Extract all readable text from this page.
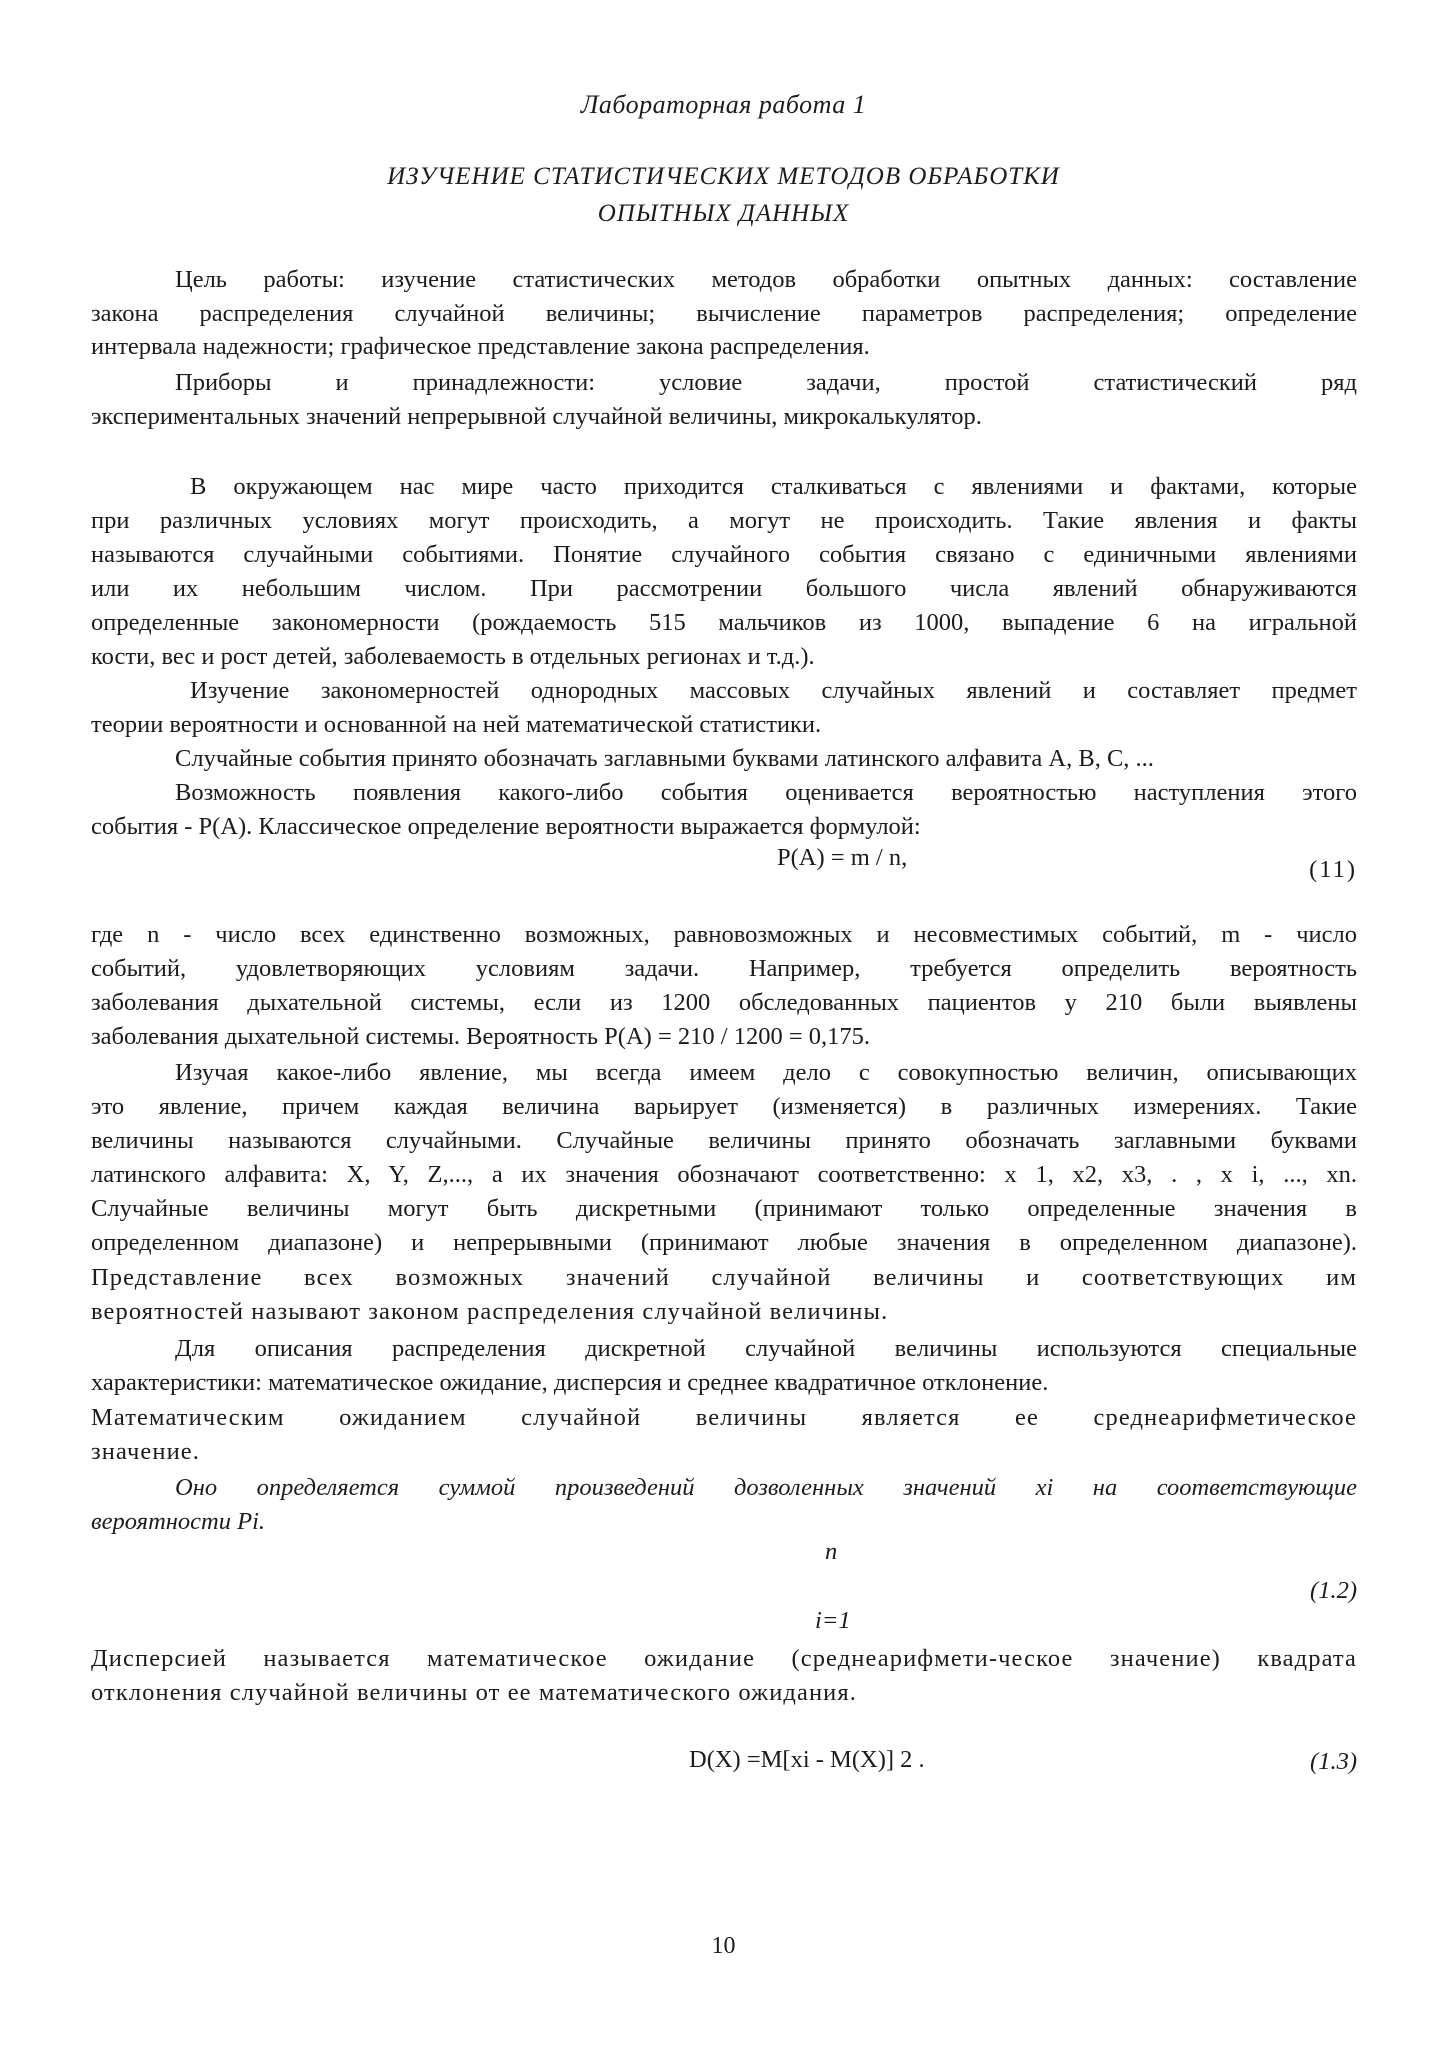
Лабораторная работа 1
ИЗУЧЕНИЕ СТАТИСТИЧЕСКИХ МЕТОДОВ ОБРАБОТКИ
ОПЫТНЫХ ДАННЫХ
Цель работы: изучение статистических методов обработки опытных данных: составление
закона распределения случайной величины; вычисление параметров распределения; определение
интервала надежности; графическое представление закона распределения.
Приборы и принадлежности: условие задачи, простой статистический ряд
экспериментальных значений непрерывной случайной величины, микрокалькулятор.
В окружающем нас мире часто приходится сталкиваться с явлениями и фактами, которые
при различных условиях могут происходить, а могут не происходить. Такие явления и факты
называются случайными событиями. Понятие случайного события связано с единичными явлениями
или их небольшим числом. При рассмотрении большого числа явлений обнаруживаются
определенные закономерности (рождаемость 515 мальчиков из 1000, выпадение 6 на игральной
кости, вес и рост детей, заболеваемость в отдельных регионах и т.д.).
Изучение закономерностей однородных массовых случайных явлений и составляет предмет
теории вероятности и основанной на ней математической статистики.
Случайные события принято обозначать заглавными буквами латинского алфавита А, В, С, ...
Возможность появления какого-либо события оценивается вероятностью наступления этого
события - Р(А). Классическое определение вероятности выражается формулой:
Р(А) = m / n,	(11)
где n - число всех единственно возможных, равновозможных и несовместимых событий, m - число
событий, удовлетворяющих условиям задачи. Например, требуется определить вероятность
заболевания дыхательной системы, если из 1200 обследованных пациентов у 210 были выявлены
заболевания дыхательной системы. Вероятность Р(А) = 210 / 1200 = 0,175.
Изучая какое-либо явление, мы всегда имеем дело с совокупностью величин, описывающих
это явление, причем каждая величина варьирует (изменяется) в различных измерениях. Такие
величины называются случайными. Случайные величины принято обозначать заглавными буквами
латинского алфавита: X, Y, Z,..., а их значения обозначают соответственно: x 1, x2, x3, . , x i, ..., xn.
Случайные величины могут быть дискретными (принимают только определенные значения в
определенном диапазоне) и непрерывными (принимают любые значения в определенном диапазоне).
Представление всех возможных значений случайной величины и соответствующих им
вероятностей называют законом распределения случайной величины.
Для описания распределения дискретной случайной величины используются специальные
характеристики: математическое ожидание, дисперсия и среднее квадратичное отклонение.
Математическим ожиданием случайной величины является ее среднеарифметическое
значение.
Оно определяется суммой произведений дозволенных значений xi на соответствующие
вероятности Рi.
n
(1.2)
i=1
Дисперсией называется математическое ожидание (среднеарифмети-ческое значение) квадрата
отклонения случайной величины от ее математического ожидания.
D(X) =M[xi - M(X)] 2 .	(1.3)
10
